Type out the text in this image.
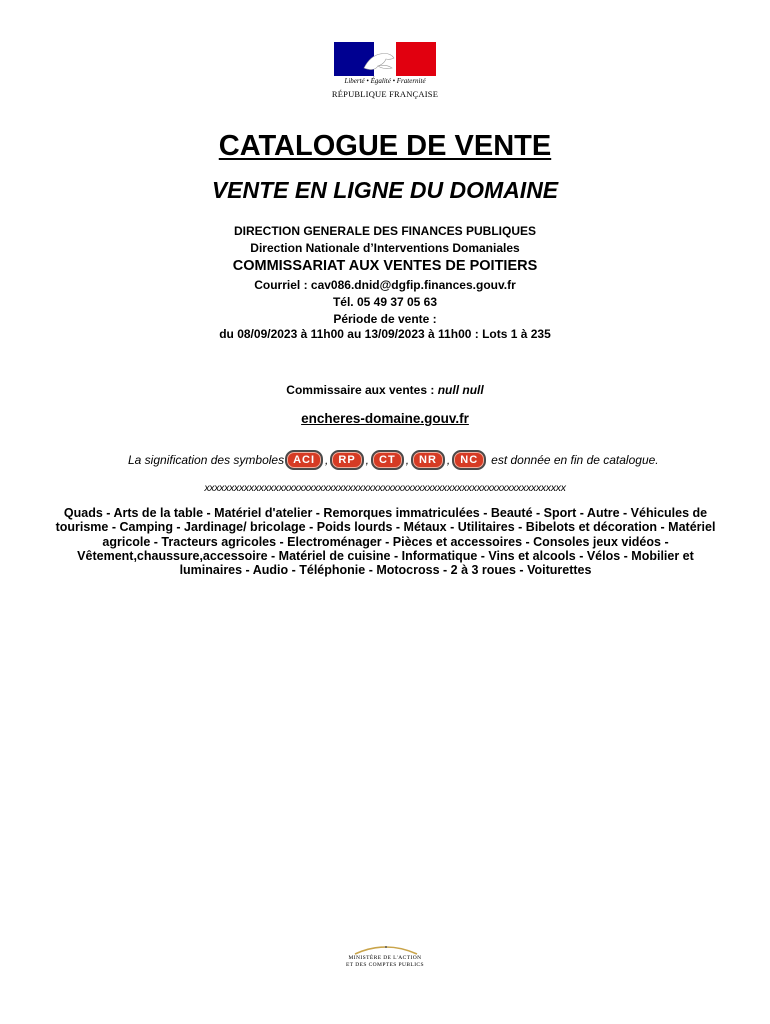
Liberté • Égalité • Fraternité
RÉPUBLIQUE FRANÇAISE
CATALOGUE DE VENTE
VENTE EN LIGNE DU DOMAINE
DIRECTION GENERALE DES FINANCES PUBLIQUES
Direction Nationale d’Interventions Domaniales
COMMISSARIAT AUX VENTES DE POITIERS
Courriel : cav086.dnid@dgfip.finances.gouv.fr
Tél. 05 49 37 05 63
Période de vente :
du 08/09/2023 à 11h00 au 13/09/2023 à 11h00 : Lots 1 à 235
Commissaire aux ventes : null null
encheres-domaine.gouv.fr
La signification des symboles ACI , RP , CT , NR , NC	est donnée en fin de catalogue.
xxxxxxxxxxxxxxxxxxxxxxxxxxxxxxxxxxxxxxxxxxxxxxxxxxxxxxxxxxxxxxxxxxxxxxxxx
Quads - Arts de la table - Matériel d'atelier - Remorques immatriculées - Beauté - Sport - Autre - Véhicules de tourisme - Camping - Jardinage/ bricolage - Poids lourds - Métaux - Utilitaires - Bibelots et décoration - Matériel agricole - Tracteurs agricoles - Electroménager - Pièces et accessoires - Consoles jeux vidéos - Vêtement,chaussure,accessoire - Matériel de cuisine - Informatique - Vins et alcools - Vélos - Mobilier et luminaires - Audio - Téléphonie - Motocross - 2 à 3 roues - Voiturettes
MINISTÈRE DE L'ACTION
ET DES COMPTES PUBLICS
